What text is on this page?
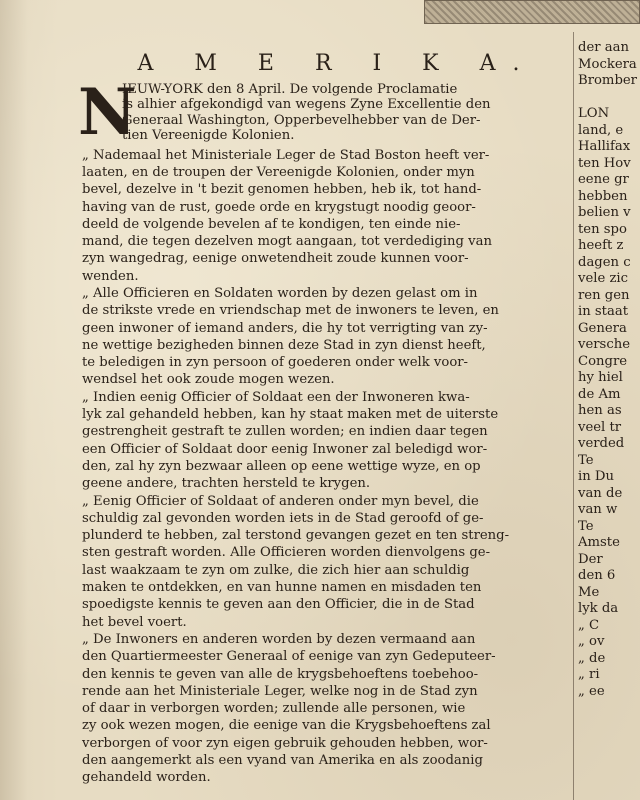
A M E R I K A.
N
IEUW-YORK den 8 April. De volgende Proclamatie
is alhier afgekondigd van wegens Zyne Excellentie den
Generaal Washington, Opperbevelhebber van de Der-
tien Vereenigde Kolonien.
„ Nademaal het Ministeriale Leger de Stad Boston heeft ver-
laaten, en de troupen der Vereenigde Kolonien, onder myn
bevel, dezelve in 't bezit genomen hebben, heb ik, tot hand-
having van de rust, goede orde en krygstugt noodig geoor-
deeld de volgende bevelen af te kondigen, ten einde nie-
mand, die tegen dezelven mogt aangaan, tot verdediging van
zyn wangedrag, eenige onwetendheit zoude kunnen voor-
wenden.
„ Alle Officieren en Soldaten worden by dezen gelast om in
de strikste vrede en vriendschap met de inwoners te leven, en
geen inwoner of iemand anders, die hy tot verrigting van zy-
ne wettige bezigheden binnen deze Stad in zyn dienst heeft,
te beledigen in zyn persoon of goederen onder welk voor-
wendsel het ook zoude mogen wezen.
„ Indien eenig Officier of Soldaat een der Inwoneren kwa-
lyk zal gehandeld hebben, kan hy staat maken met de uiterste
gestrengheit gestraft te zullen worden; en indien daar tegen
een Officier of Soldaat door eenig Inwoner zal beledigd wor-
den, zal hy zyn bezwaar alleen op eene wettige wyze, en op
geene andere, trachten hersteld te krygen.
„ Eenig Officier of Soldaat of anderen onder myn bevel, die
schuldig zal gevonden worden iets in de Stad geroofd of ge-
plunderd te hebben, zal terstond gevangen gezet en ten streng-
sten gestraft worden. Alle Officieren worden dienvolgens ge-
last waakzaam te zyn om zulke, die zich hier aan schuldig
maken te ontdekken, en van hunne namen en misdaden ten
spoedigste kennis te geven aan den Officier, die in de Stad
het bevel voert.
„ De Inwoners en anderen worden by dezen vermaand aan
den Quartiermeester Generaal of eenige van zyn Gedeputeer-
den kennis te geven van alle de krygsbehoeftens toebehoo-
rende aan het Ministeriale Leger, welke nog in de Stad zyn
of daar in verborgen worden; zullende alle personen, wie
zy ook wezen mogen, die eenige van die Krygsbehoeftens zal
verborgen of voor zyn eigen gebruik gehouden hebben, wor-
den aangemerkt als een vyand van Amerika en als zoodanig
gehandeld worden.
der aan
Mockera
Bromber

LON
land, e
Hallifax
ten Hov
eene gr
hebben
belien v
ten spo
heeft z
dagen c
vele zic
ren gen
in staat
Genera
versche
Congre
hy hiel
de Am
hen as
veel tr
verded
Te
in Du
van de
van w
Te
Amste
Der
den 6
Me
lyk da
„ C
„ ov
„ de
„ ri
„ ee
